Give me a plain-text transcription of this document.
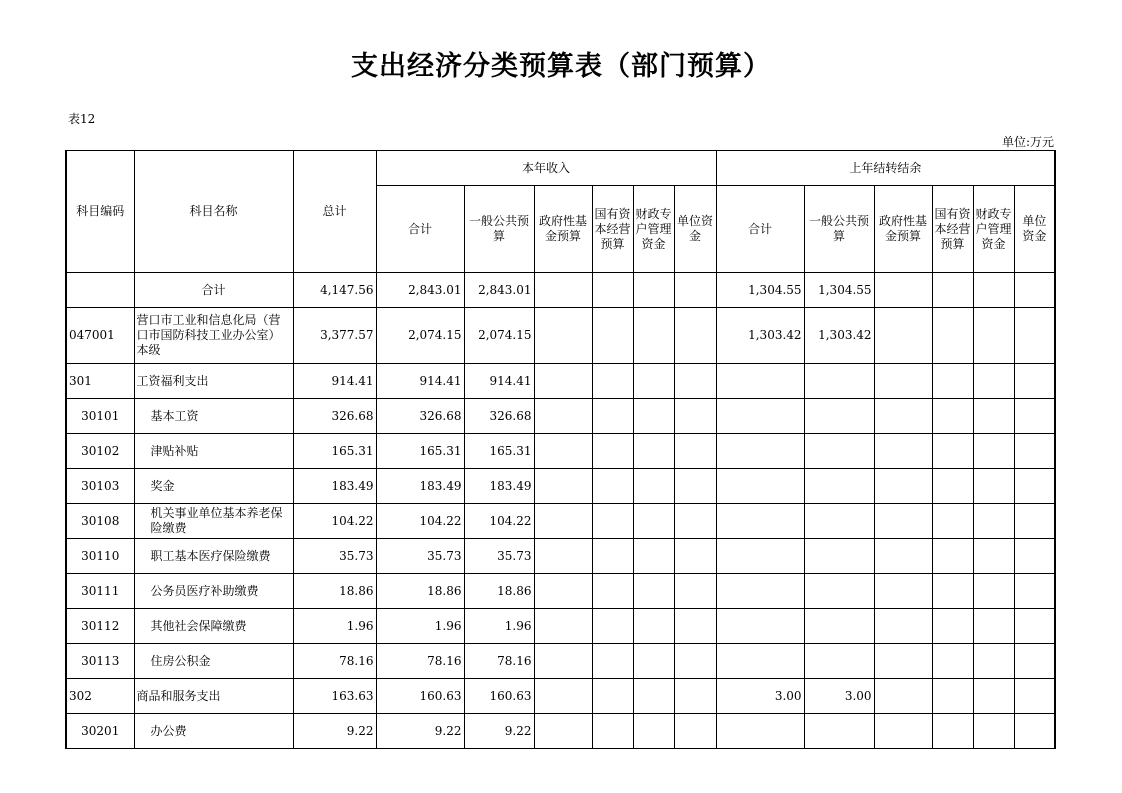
支出经济分类预算表（部门预算）
表12
单位:万元
科目编码	科目名称	总计	本年收入						上年结转结余					
			合计	一般公共预算	政府性基金预算	国有资本经营预算	财政专户管理资金	单位资金	合计	一般公共预算	政府性基金预算	国有资本经营预算	财政专户管理资金	单位资金
	合计	4,147.56	2,843.01	2,843.01					1,304.55	1,304.55				
047001	营口市工业和信息化局（营口市国防科技工业办公室）本级	3,377.57	2,074.15	2,074.15					1,303.42	1,303.42				
301	工资福利支出	914.41	914.41	914.41										
30101	基本工资	326.68	326.68	326.68										
30102	津贴补贴	165.31	165.31	165.31										
30103	奖金	183.49	183.49	183.49										
30108	机关事业单位基本养老保险缴费	104.22	104.22	104.22										
30110	职工基本医疗保险缴费	35.73	35.73	35.73										
30111	公务员医疗补助缴费	18.86	18.86	18.86										
30112	其他社会保障缴费	1.96	1.96	1.96										
30113	住房公积金	78.16	78.16	78.16										
302	商品和服务支出	163.63	160.63	160.63					3.00	3.00				
30201	办公费	9.22	9.22	9.22										
